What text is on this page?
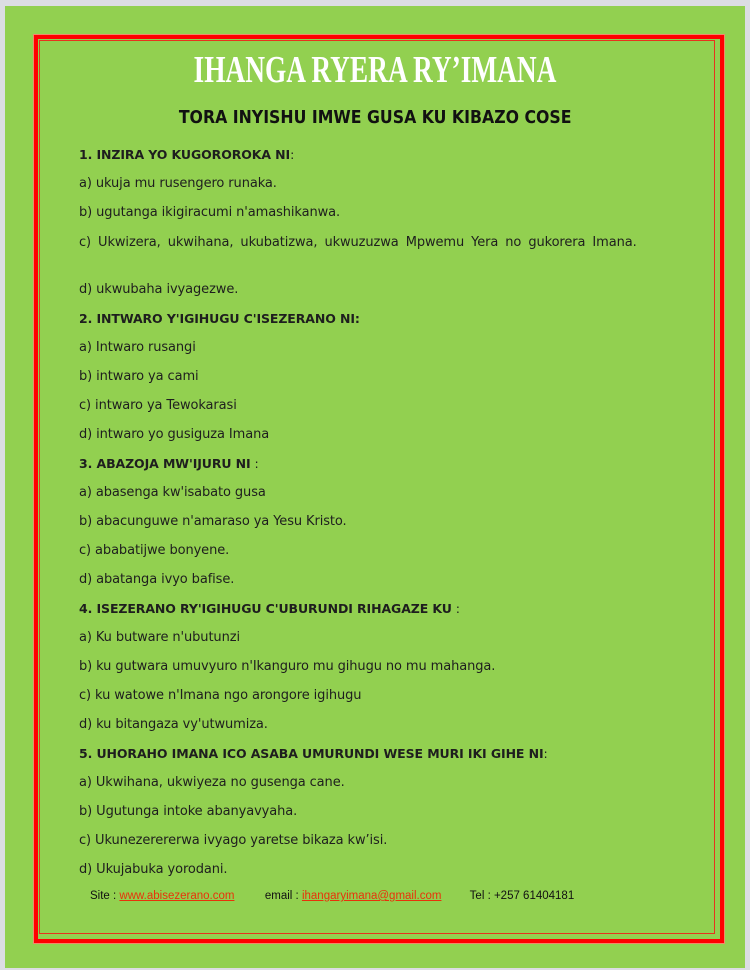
IHANGA RYERA RY’IMANA
TORA INYISHU IMWE GUSA KU KIBAZO COSE
1. INZIRA YO KUGOROROKA NI:
a) ukuja mu rusengero runaka.
b) ugutanga ikigiracumi n'amashikanwa.
c) Ukwizera, ukwihana, ukubatizwa, ukwuzuzwa Mpwemu Yera no gukorera Imana.
d) ukwubaha ivyagezwe.
2. INTWARO Y'IGIHUGU C'ISEZERANO NI:
a) Intwaro rusangi
b) intwaro ya cami
c) intwaro ya Tewokarasi
d) intwaro yo gusiguza Imana
3. ABAZOJA MW'IJURU NI :
a) abasenga kw'isabato gusa
b) abacunguwe n'amaraso ya Yesu Kristo.
c) ababatijwe bonyene.
d) abatanga ivyo bafise.
4. ISEZERANO RY'IGIHUGU C'UBURUNDI RIHAGAZE KU :
a) Ku butware n'ubutunzi
b) ku gutwara umuvyuro n'Ikanguro mu gihugu no mu mahanga.
c) ku watowe n'Imana ngo arongore igihugu
d) ku bitangaza vy'utwumiza.
5. UHORAHO IMANA ICO ASABA UMURUNDI WESE MURI IKI GIHE NI:
a) Ukwihana, ukwiyeza no gusenga cane.
b) Ugutunga intoke abanyavyaha.
c) Ukunezerererwa ivyago yaretse bikaza kw’isi.
d) Ukujabuka yorodani.
Site : www.abisezerano.com	email : ihangaryimana@gmail.com Tel : +257 61404181
